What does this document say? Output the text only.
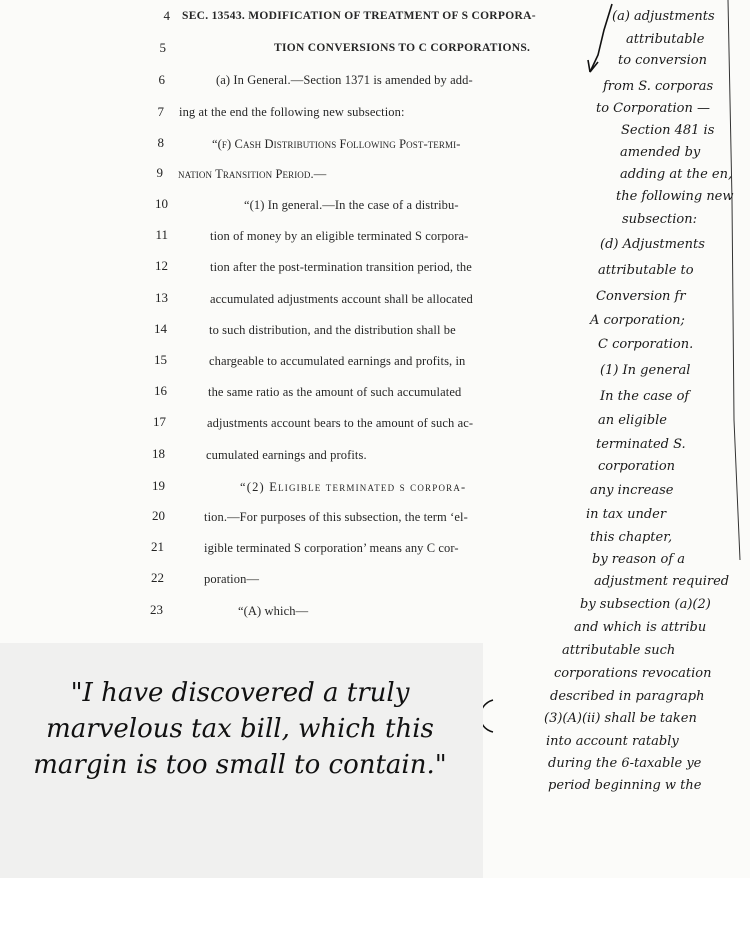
4
5
6
7
8
9
10
11
12
13
14
15
16
17
18
19
20
21
22
23
SEC. 13543. MODIFICATION OF TREATMENT OF S CORPORA-
TION CONVERSIONS TO C CORPORATIONS.
(a) In General.—Section 1371 is amended by add-
ing at the end the following new subsection:
“(f) Cash Distributions Following Post-termi-
nation Transition Period.—
“(1) In general.—In the case of a distribu-
tion of money by an eligible terminated S corpora-
tion after the post-termination transition period, the
accumulated adjustments account shall be allocated
to such distribution, and the distribution shall be
chargeable to accumulated earnings and profits, in
the same ratio as the amount of such accumulated
adjustments account bears to the amount of such ac-
cumulated earnings and profits.
“(2) Eligible terminated s corpora-
tion.—For purposes of this subsection, the term ‘el-
igible terminated S corporation’ means any C cor-
poration—
“(A) which—
(a) adjustments
attributable
to conversion
from S. corporas
to Corporation —
Section 481 is
amended by
adding at the en,
the following new
subsection:
(d) Adjustments
attributable to
Conversion fr
A corporation;
C corporation.
(1) In general
In the case of
an eligible
terminated S.
corporation
any increase
in tax under
this chapter,
by reason of a
adjustment required
by subsection (a)(2)
and which is attribu
attributable such
corporations revocation
described in paragraph
(3)(A)(ii) shall be taken
into account ratably
during the 6-taxable ye
period beginning w the
"I have discovered a truly marvelous tax bill, which this margin is too small to contain."
